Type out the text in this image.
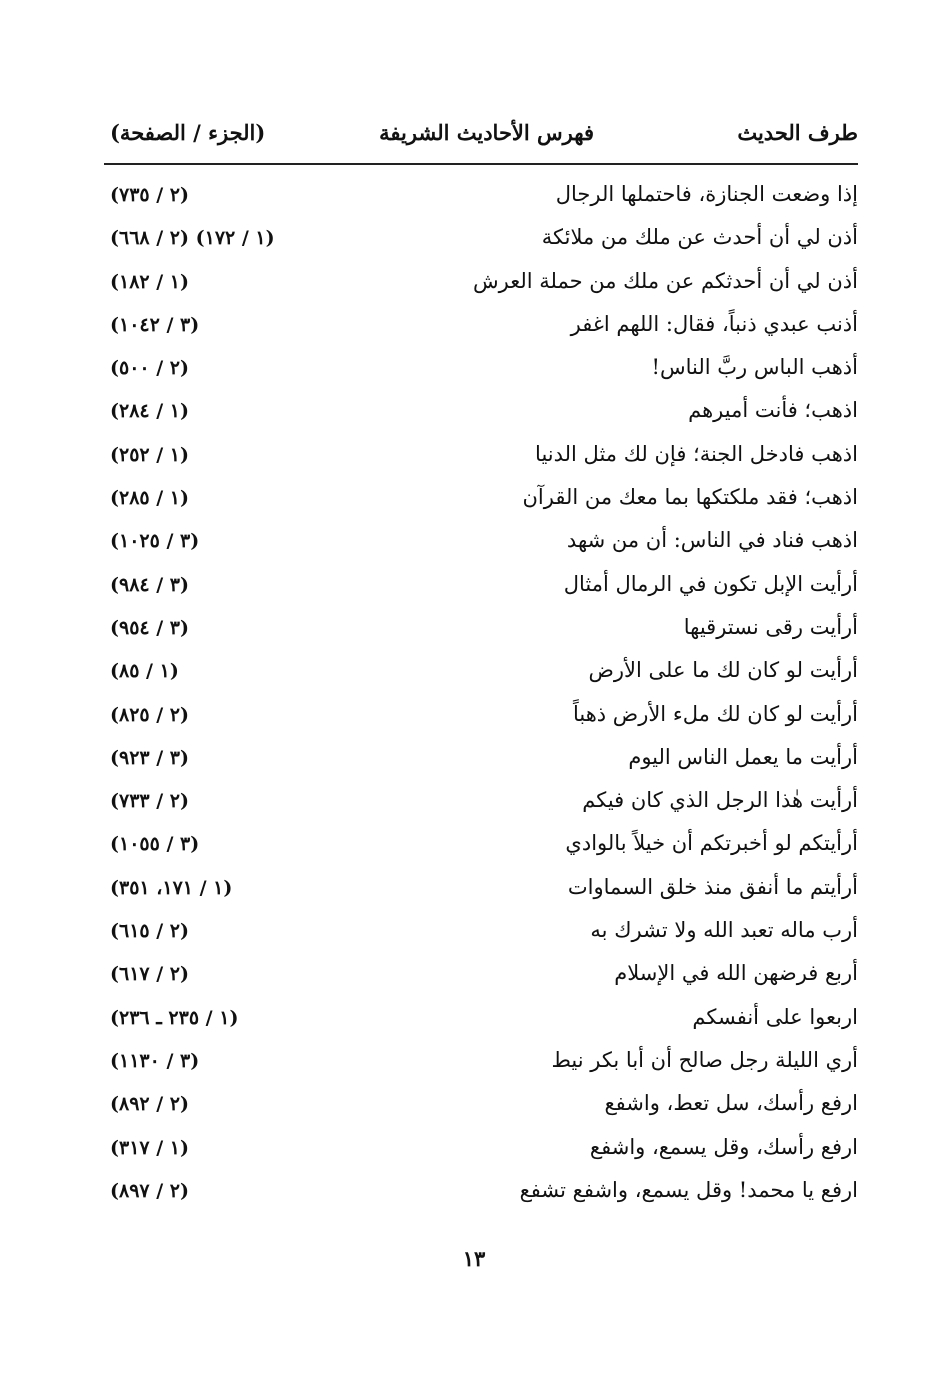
طرف الحديث
فهرس الأحاديث الشريفة
(الجزء / الصفحة)
إذا وضعت الجنازة، فاحتملها الرجال
(٢ / ٧٣٥)
أذن لي أن أحدث عن ملك من ملائكة
(١ / ١٧٢) (٢ / ٦٦٨)
أذن لي أن أحدثكم عن ملك من حملة العرش
(١ / ١٨٢)
أذنب عبدي ذنباً، فقال: اللهم اغفر
(٣ / ١٠٤٢)
أذهب الباس ربَّ الناس!
(٢ / ٥٠٠)
اذهب؛ فأنت أميرهم
(١ / ٢٨٤)
اذهب فادخل الجنة؛ فإن لك مثل الدنيا
(١ / ٢٥٢)
اذهب؛ فقد ملكتكها بما معك من القرآن
(١ / ٢٨٥)
اذهب فناد في الناس: أن من شهد
(٣ / ١٠٢٥)
أرأيت الإبل تكون في الرمال أمثال
(٣ / ٩٨٤)
أرأيت رقى نسترقيها
(٣ / ٩٥٤)
أرأيت لو كان لك ما على الأرض
(١ / ٨٥)
أرأيت لو كان لك ملء الأرض ذهباً
(٢ / ٨٢٥)
أرأيت ما يعمل الناس اليوم
(٣ / ٩٢٣)
أرأيت هٰذا الرجل الذي كان فيكم
(٢ / ٧٣٣)
أرأيتكم لو أخبرتكم أن خيلاً بالوادي
(٣ / ١٠٥٥)
أرأيتم ما أنفق منذ خلق السماوات
(١ / ١٧١، ٣٥١)
أرب ماله تعبد الله ولا تشرك به
(٢ / ٦١٥)
أربع فرضهن الله في الإسلام
(٢ / ٦١٧)
اربعوا على أنفسكم
(١ / ٢٣٥ ـ ٢٣٦)
أري الليلة رجل صالح أن أبا بكر نيط
(٣ / ١١٣٠)
ارفع رأسك، سل تعط، واشفع
(٢ / ٨٩٢)
ارفع رأسك، وقل يسمع، واشفع
(١ / ٣١٧)
ارفع يا محمد! وقل يسمع، واشفع تشفع
(٢ / ٨٩٧)
١٣
